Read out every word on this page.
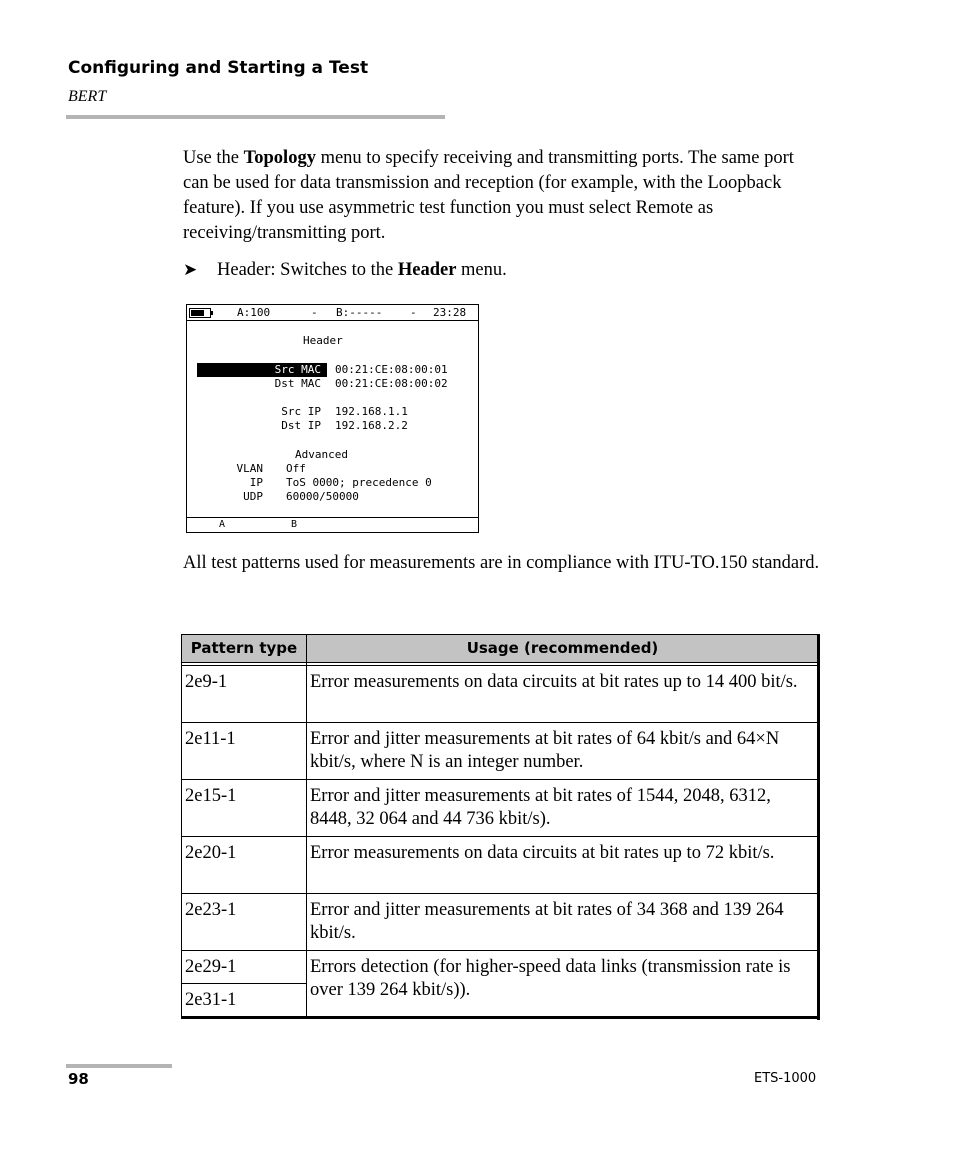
Configuring and Starting a Test
BERT
Use the Topology menu to specify receiving and transmitting ports. The same port can be used for data transmission and reception (for example, with the Loopback feature). If you use asymmetric test function you must select Remote as receiving/transmitting port.
➤ Header: Switches to the Header menu.
A:100	- B:-----	- 23:28
Header
Src MAC	00:21:CE:08:00:01
Dst MAC 00:21:CE:08:00:02
Src IP 192.168.1.1
Dst IP 192.168.2.2
Advanced
VLAN Off
IP ToS 0000; precedence 0
UDP 60000/50000
A	B
All test patterns used for measurements are in compliance with ITU-TO.150 standard.
Pattern type	Usage (recommended)

2e9-1	Error measurements on data circuits at bit rates up to 14 400 bit/s.
2e11-1	Error and jitter measurements at bit rates of 64 kbit/s and 64×N kbit/s, where N is an integer number.
2e15-1	Error and jitter measurements at bit rates of 1544, 2048, 6312, 8448, 32 064 and 44 736 kbit/s).
2e20-1	Error measurements on data circuits at bit rates up to 72 kbit/s.
2e23-1	Error and jitter measurements at bit rates of 34 368 and 139 264 kbit/s.
2e29-1	Errors detection (for higher-speed data links (transmission rate is over 139 264 kbit/s)).
2e31-1	
98	ETS-1000
